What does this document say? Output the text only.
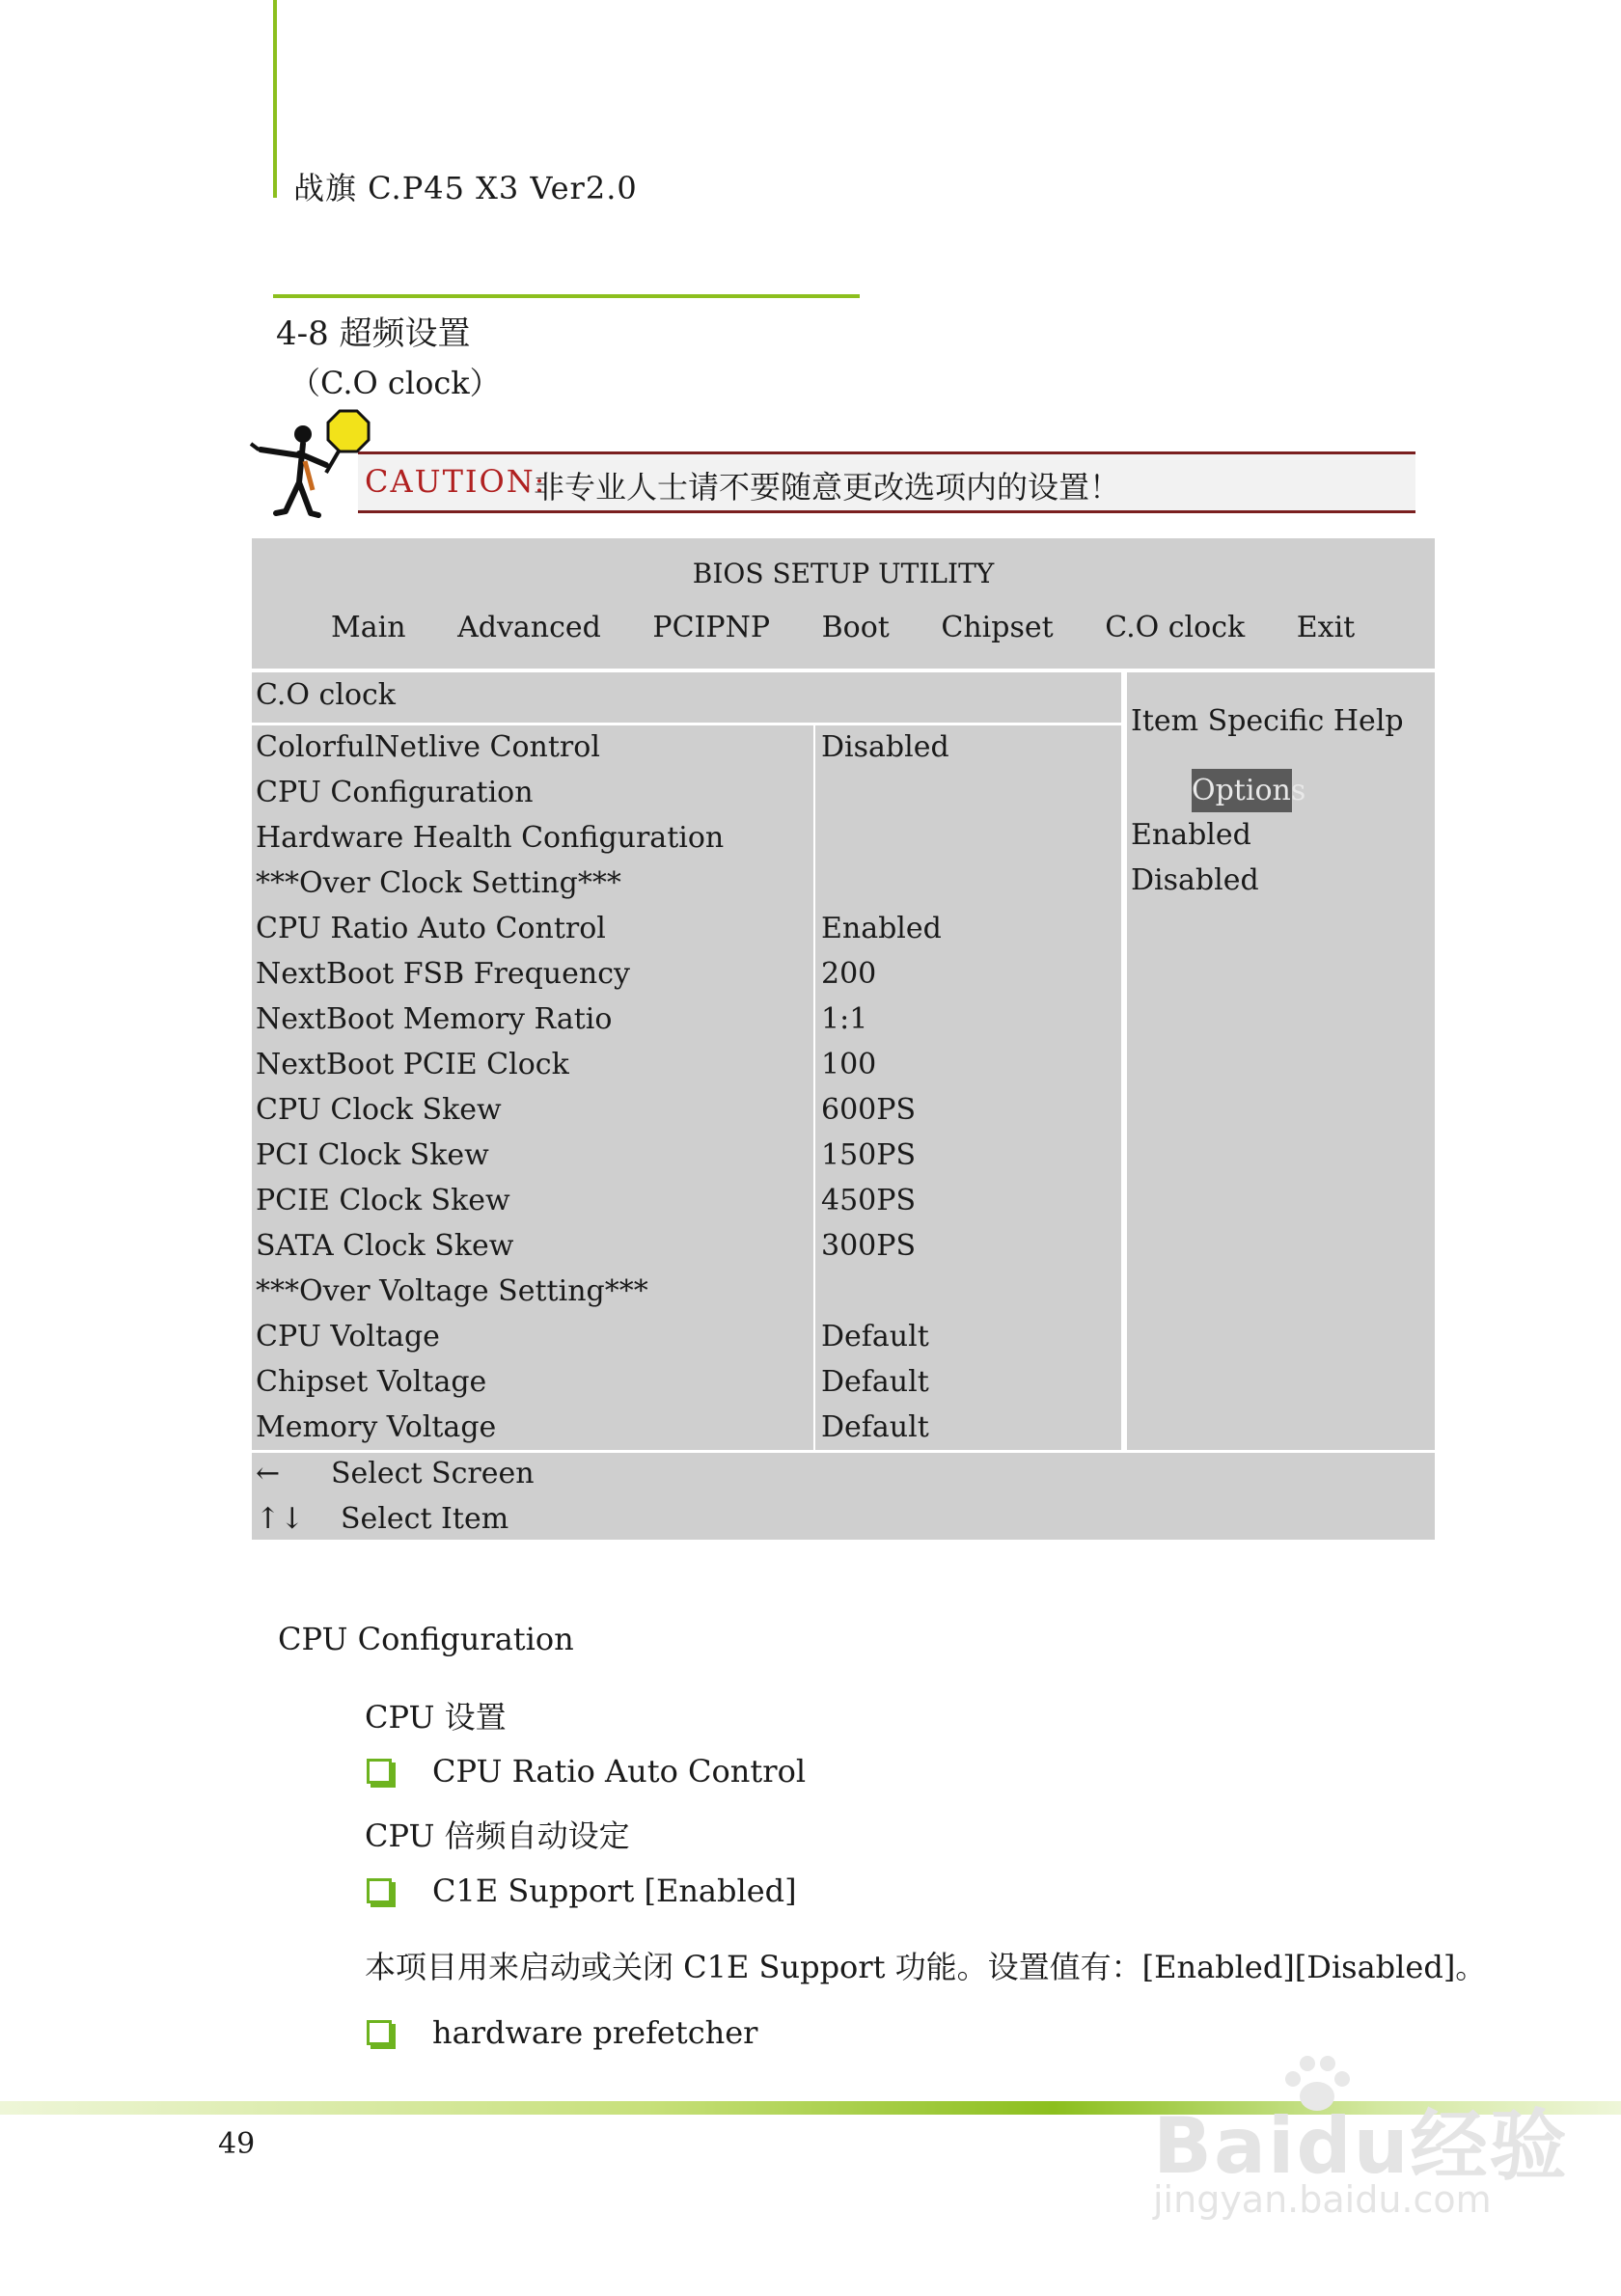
战旗 C.P45 X3 Ver2.0
4-8 超频设置
（C.O clock）
CAUTION:
非专业人士请不要随意更改选项内的设置！
BIOS SETUP UTILITY
Main Advanced PCIPNP Boot Chipset C.O clock Exit
C.O clock
ColorfulNetlive Control	Disabled
CPU Configuration
Hardware Health Configuration
***Over Clock Setting***
CPU Ratio Auto Control	Enabled
NextBoot FSB Frequency	200
NextBoot Memory Ratio	1:1
NextBoot PCIE Clock	100
CPU Clock Skew	600PS
PCI Clock Skew	150PS
PCIE Clock Skew	450PS
SATA Clock Skew	300PS
***Over Voltage Setting***
CPU Voltage	Default
Chipset Voltage	Default
Memory Voltage	Default
Item Specific Help
Options
Enabled
Disabled
← Select Screen
↑↓ Select Item
CPU Configuration
CPU 设置
CPU Ratio Auto Control
CPU 倍频自动设定
C1E Support [Enabled]
本项目用来启动或关闭 C1E Support 功能。设置值有：[Enabled][Disabled]。
hardware prefetcher
49	Baidu经验
jingyan.baidu.com
